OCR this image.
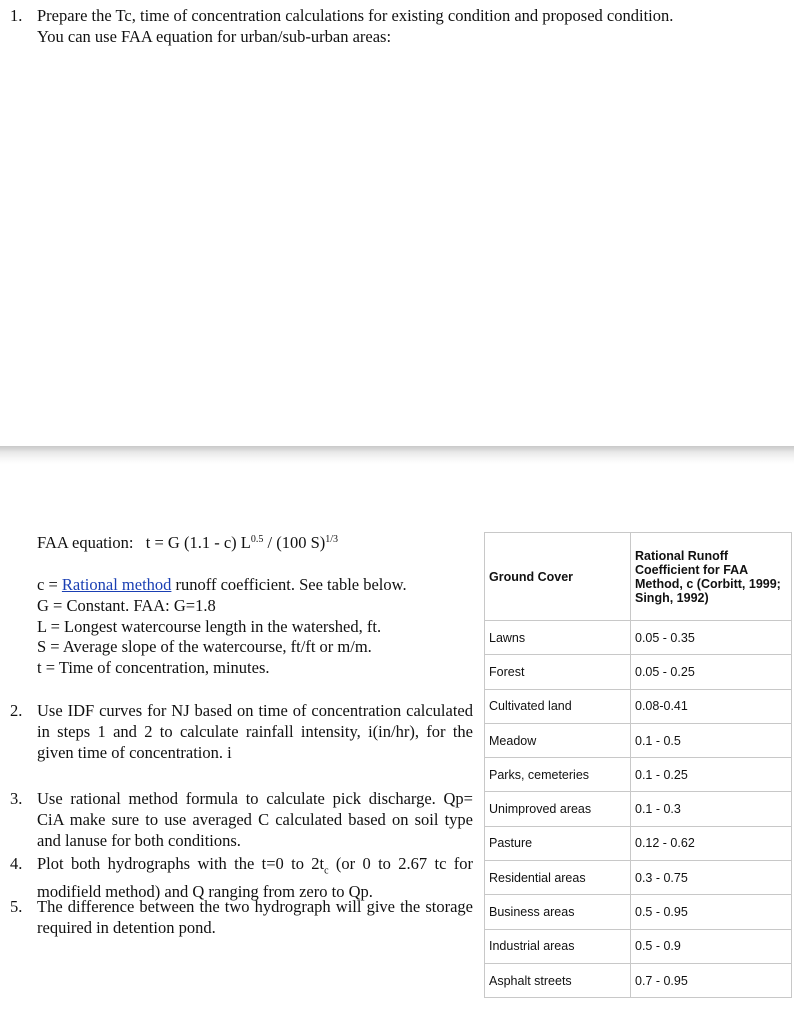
1. Prepare the Tc, time of concentration calculations for existing condition and proposed condition.
You can use FAA equation for urban/sub-urban areas:
FAA equation: t = G (1.1 - c) $L^{0.5} / (100$ S)$^{1/3}$
c = Rational method runoff coefficient. See table below.
G = Constant. FAA: G=1.8
L = Longest watercourse length in the watershed, ft.
S = Average slope of the watercourse, ft/ft or m/m.
t = Time of concentration, minutes.
2. Use IDF curves for NJ based on time of concentration calculated in steps 1 and 2 to calculate rainfall intensity, i(in/hr), for the given time of concentration. i
3. Use rational method formula to calculate pick discharge. Qp= CiA make sure to use averaged C calculated based on soil type and lanuse for both conditions.
4. Plot both hydrographs with the t=0 to $2t_c$ (or 0 to 2.67 tc for modifield method) and Q ranging from zero to Qp.
5. The difference between the two hydrograph will give the storage required in detention pond.
Ground Cover	Rational Runoff Coefficient for FAA Method, c (Corbitt, 1999; Singh, 1992)
Lawns	0.05 - 0.35
Forest	0.05 - 0.25
Cultivated land	0.08-0.41
Meadow	0.1 - 0.5
Parks, cemeteries	0.1 - 0.25
Unimproved areas	0.1 - 0.3
Pasture	0.12 - 0.62
Residential areas	0.3 - 0.75
Business areas	0.5 - 0.95
Industrial areas	0.5 - 0.9
Asphalt streets	0.7 - 0.95
